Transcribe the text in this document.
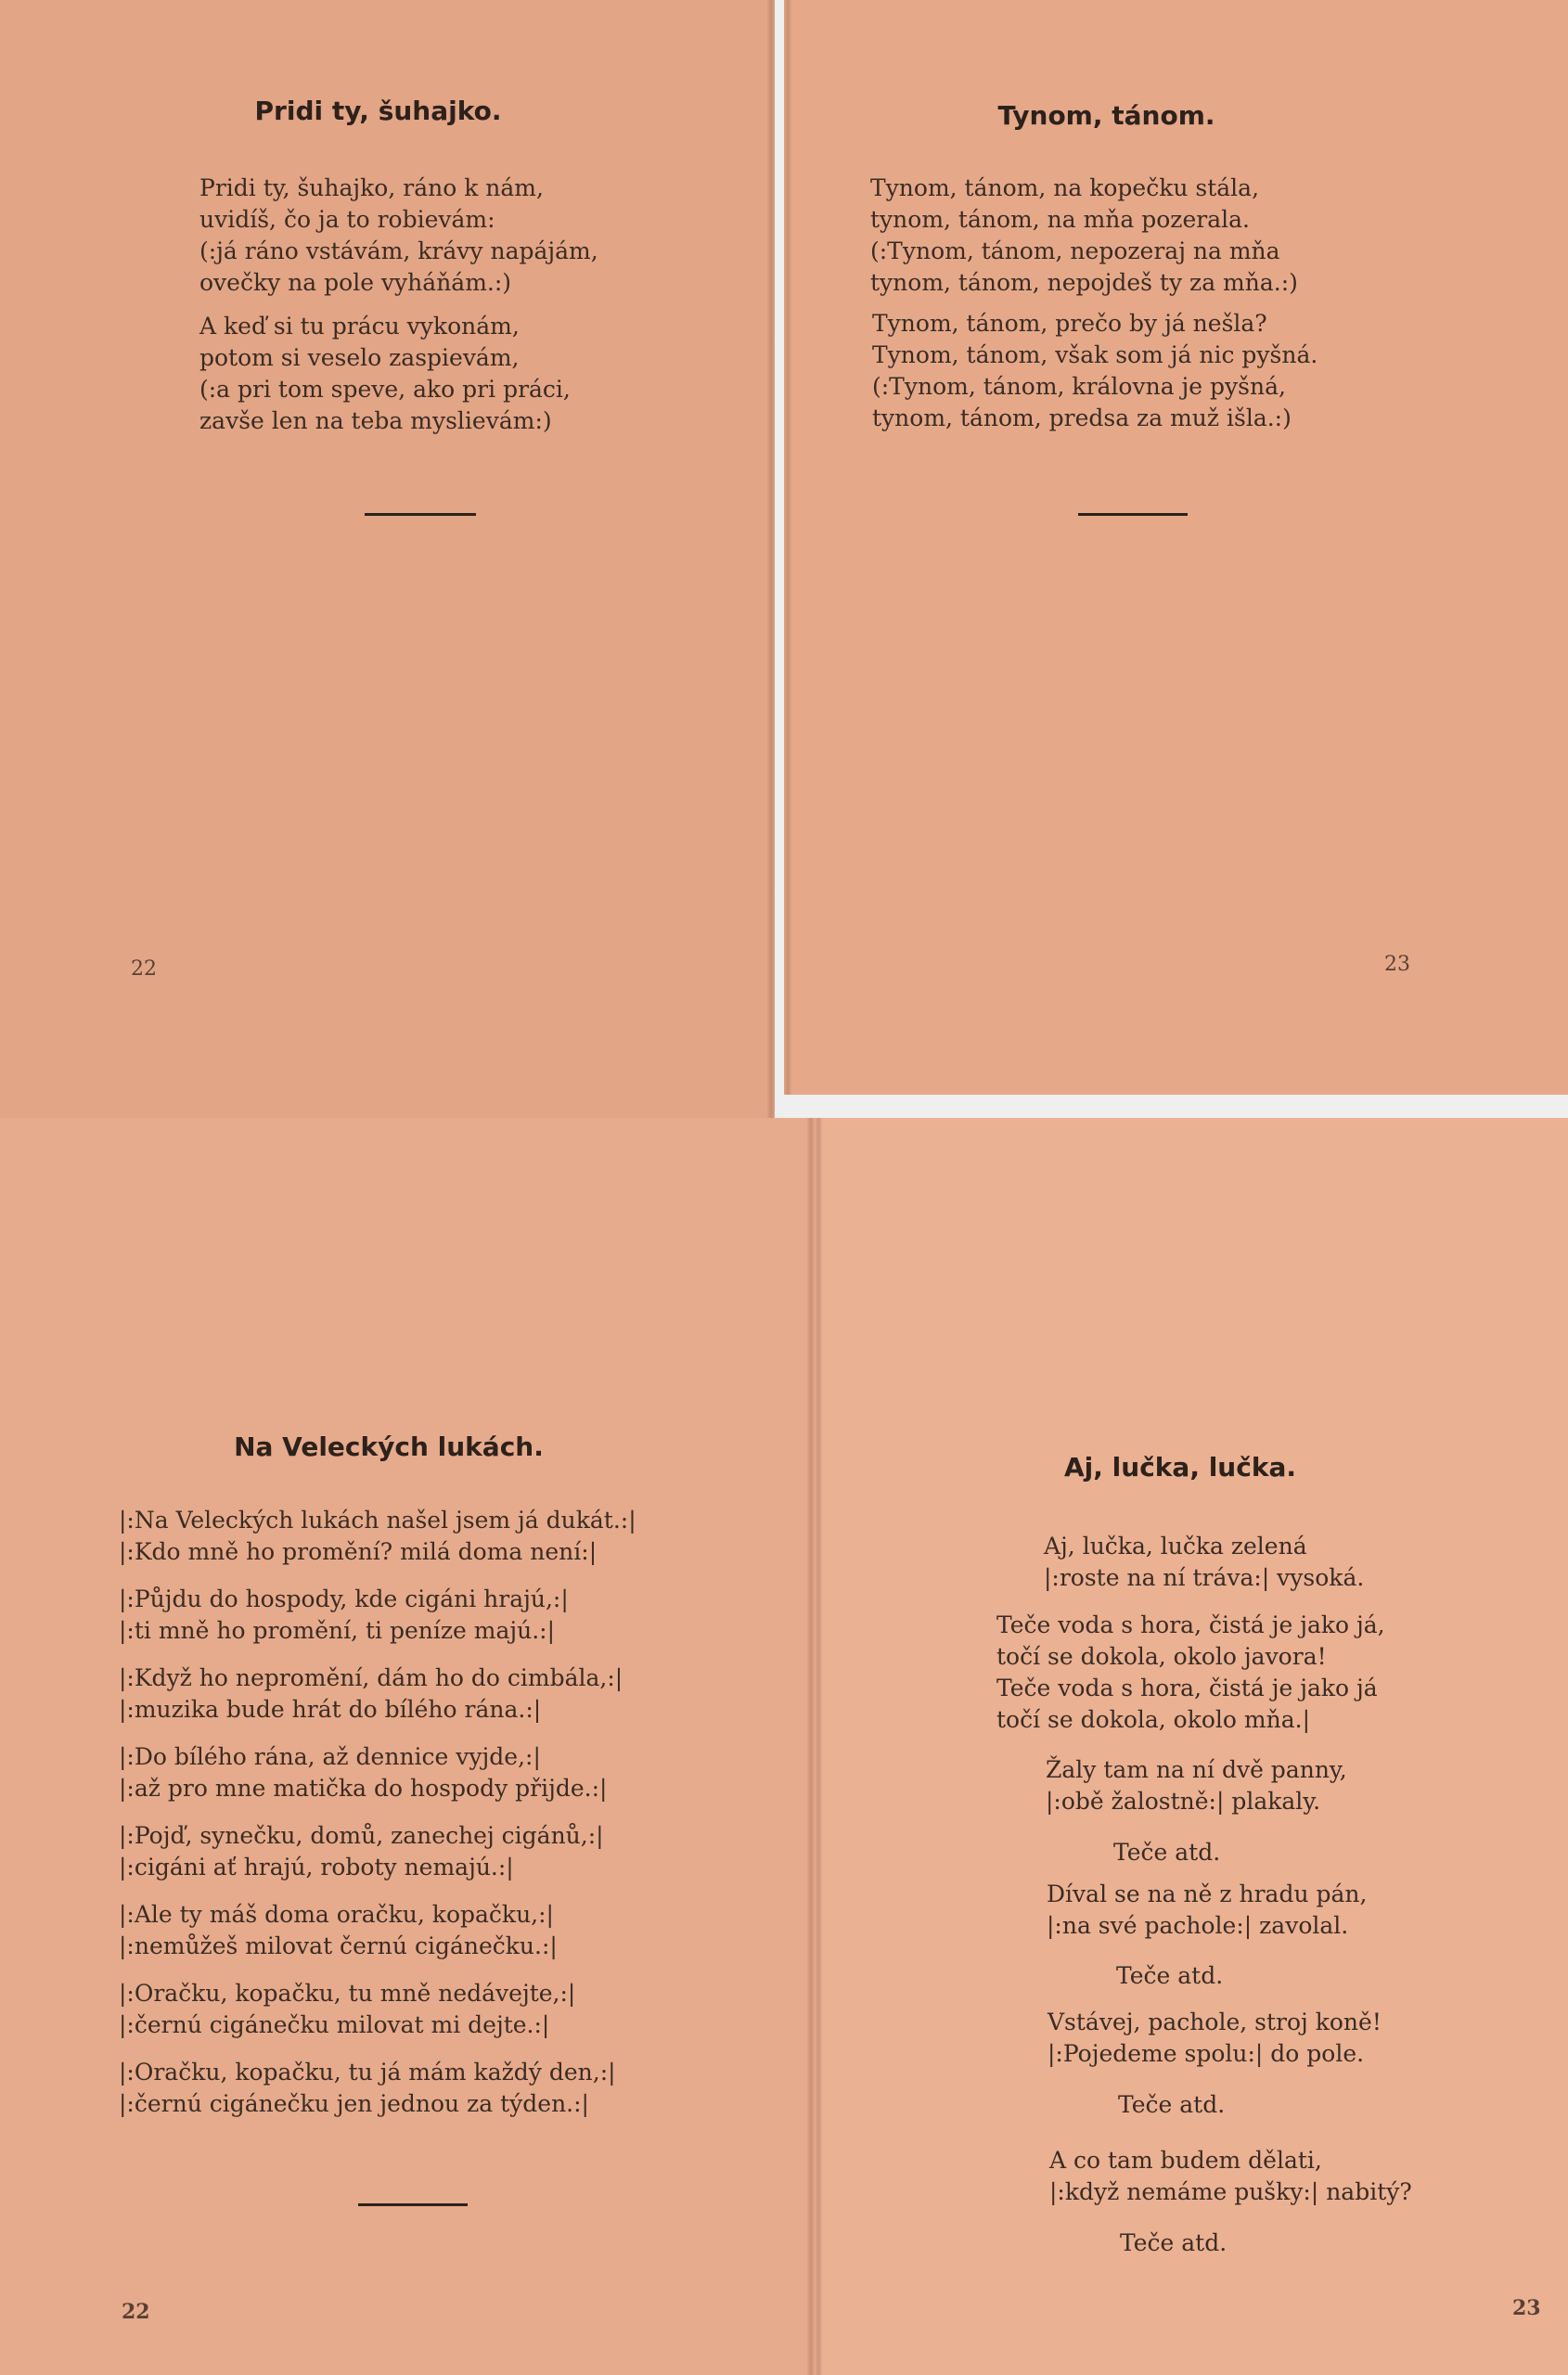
Pridi ty, šuhajko.
Pridi ty, šuhajko, ráno k nám,
uvidíš, čo ja to robievám:
(:já ráno vstávám, krávy napájám,
ovečky na pole vyháňám.:)
A keď si tu prácu vykonám,
potom si veselo zaspievám,
(:a pri tom speve, ako pri práci,
zavše len na teba myslievám:)
22
Tynom, tánom.
Tynom, tánom, na kopečku stála,
tynom, tánom, na mňa pozerala.
(:Tynom, tánom, nepozeraj na mňa
tynom, tánom, nepojdeš ty za mňa.:)
Tynom, tánom, prečo by já nešla?
Tynom, tánom, však som já nic pyšná.
(:Tynom, tánom, královna je pyšná,
tynom, tánom, predsa za muž išla.:)
23
Na Veleckých lukách.
|:Na Veleckých lukách našel jsem já dukát.:|
|:Kdo mně ho promění? milá doma není:|
|:Půjdu do hospody, kde cigáni hrajú,:|
|:ti mně ho promění, ti peníze majú.:|
|:Když ho nepromění, dám ho do cimbála,:|
|:muzika bude hrát do bílého rána.:|
|:Do bílého rána, až dennice vyjde,:|
|:až pro mne matička do hospody přijde.:|
|:Pojď, synečku, domů, zanechej cigánů,:|
|:cigáni ať hrajú, roboty nemajú.:|
|:Ale ty máš doma oračku, kopačku,:|
|:nemůžeš milovat černú cigánečku.:|
|:Oračku, kopačku, tu mně nedávejte,:|
|:černú cigánečku milovat mi dejte.:|
|:Oračku, kopačku, tu já mám každý den,:|
|:černú cigánečku jen jednou za týden.:|
22
Aj, lučka, lučka.
Aj, lučka, lučka zelená
|:roste na ní tráva:| vysoká.
Teče voda s hora, čistá je jako já,
točí se dokola, okolo javora!
Teče voda s hora, čistá je jako já
točí se dokola, okolo mňa.|
Žaly tam na ní dvě panny,
|:obě žalostně:| plakaly.
Teče atd.
Díval se na ně z hradu pán,
|:na své pachole:| zavolal.
Teče atd.
Vstávej, pachole, stroj koně!
|:Pojedeme spolu:| do pole.
Teče atd.
A co tam budem dělati,
|:když nemáme pušky:| nabitý?
Teče atd.
23
